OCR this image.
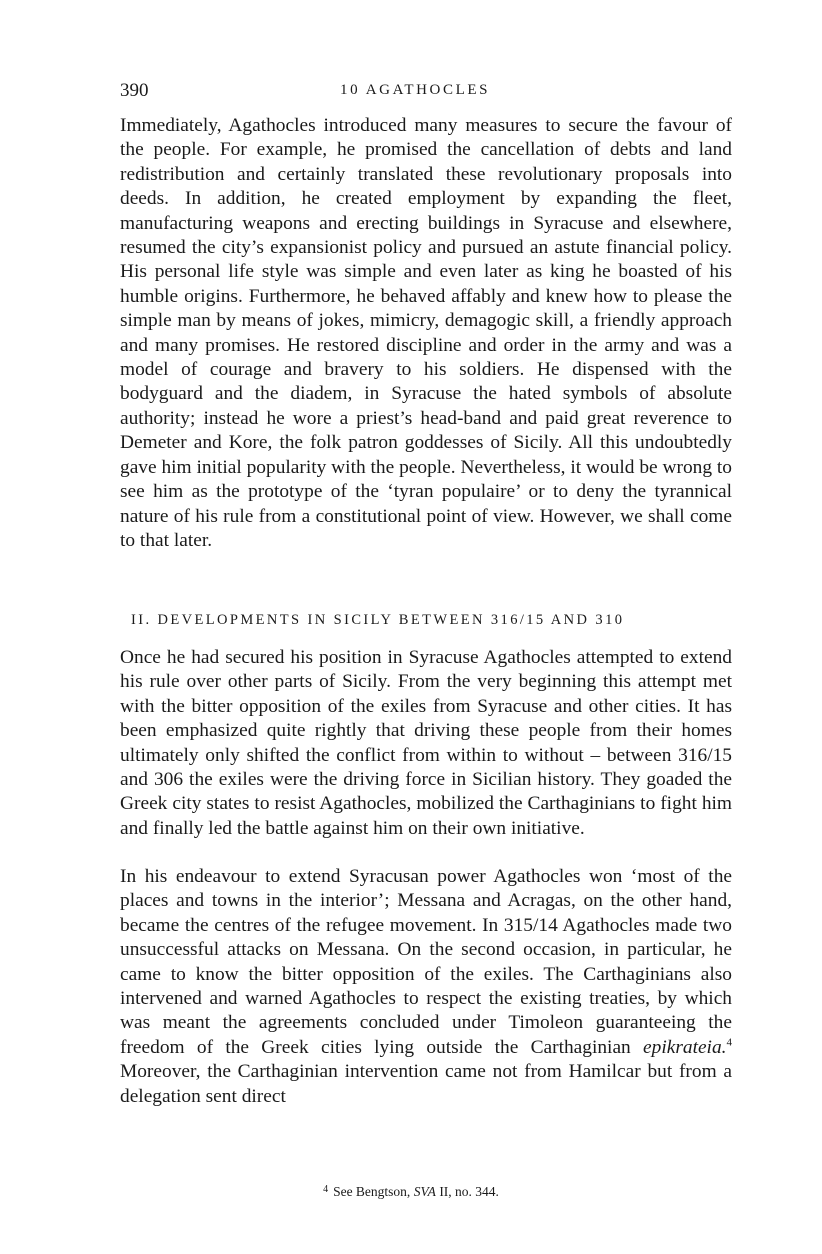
390	10 AGATHOCLES

Immediately, Agathocles introduced many measures to secure the favour of the people. For example, he promised the cancellation of debts and land redistribution and certainly translated these revolutionary proposals into deeds. In addition, he created employment by expanding the fleet, manufacturing weapons and erecting buildings in Syracuse and elsewhere, resumed the city’s expansionist policy and pursued an astute financial policy. His personal life style was simple and even later as king he boasted of his humble origins. Furthermore, he behaved affably and knew how to please the simple man by means of jokes, mimicry, demagogic skill, a friendly approach and many promises. He restored discipline and order in the army and was a model of courage and bravery to his soldiers. He dispensed with the bodyguard and the diadem, in Syracuse the hated symbols of absolute authority; instead he wore a priest’s head-band and paid great reverence to Demeter and Kore, the folk patron goddesses of Sicily. All this undoubtedly gave him initial popularity with the people. Nevertheless, it would be wrong to see him as the prototype of the ‘tyran populaire’ or to deny the tyrannical nature of his rule from a constitutional point of view. However, we shall come to that later.

II. DEVELOPMENTS IN SICILY BETWEEN 316/15 AND 310

Once he had secured his position in Syracuse Agathocles attempted to extend his rule over other parts of Sicily. From the very beginning this attempt met with the bitter opposition of the exiles from Syracuse and other cities. It has been emphasized quite rightly that driving these people from their homes ultimately only shifted the conflict from within to without – between 316/15 and 306 the exiles were the driving force in Sicilian history. They goaded the Greek city states to resist Agathocles, mobilized the Carthaginians to fight him and finally led the battle against him on their own initiative.

In his endeavour to extend Syracusan power Agathocles won ‘most of the places and towns in the interior’; Messana and Acragas, on the other hand, became the centres of the refugee movement. In 315/14 Agathocles made two unsuccessful attacks on Messana. On the second occasion, in particular, he came to know the bitter opposition of the exiles. The Carthaginians also intervened and warned Agathocles to respect the existing treaties, by which was meant the agreements concluded under Timoleon guaranteeing the freedom of the Greek cities lying outside the Carthaginian epikrateia.$^4$ Moreover, the Carthaginian intervention came not from Hamilcar but from a delegation sent direct

$^4$ See Bengtson, SVA II, no. 344.
